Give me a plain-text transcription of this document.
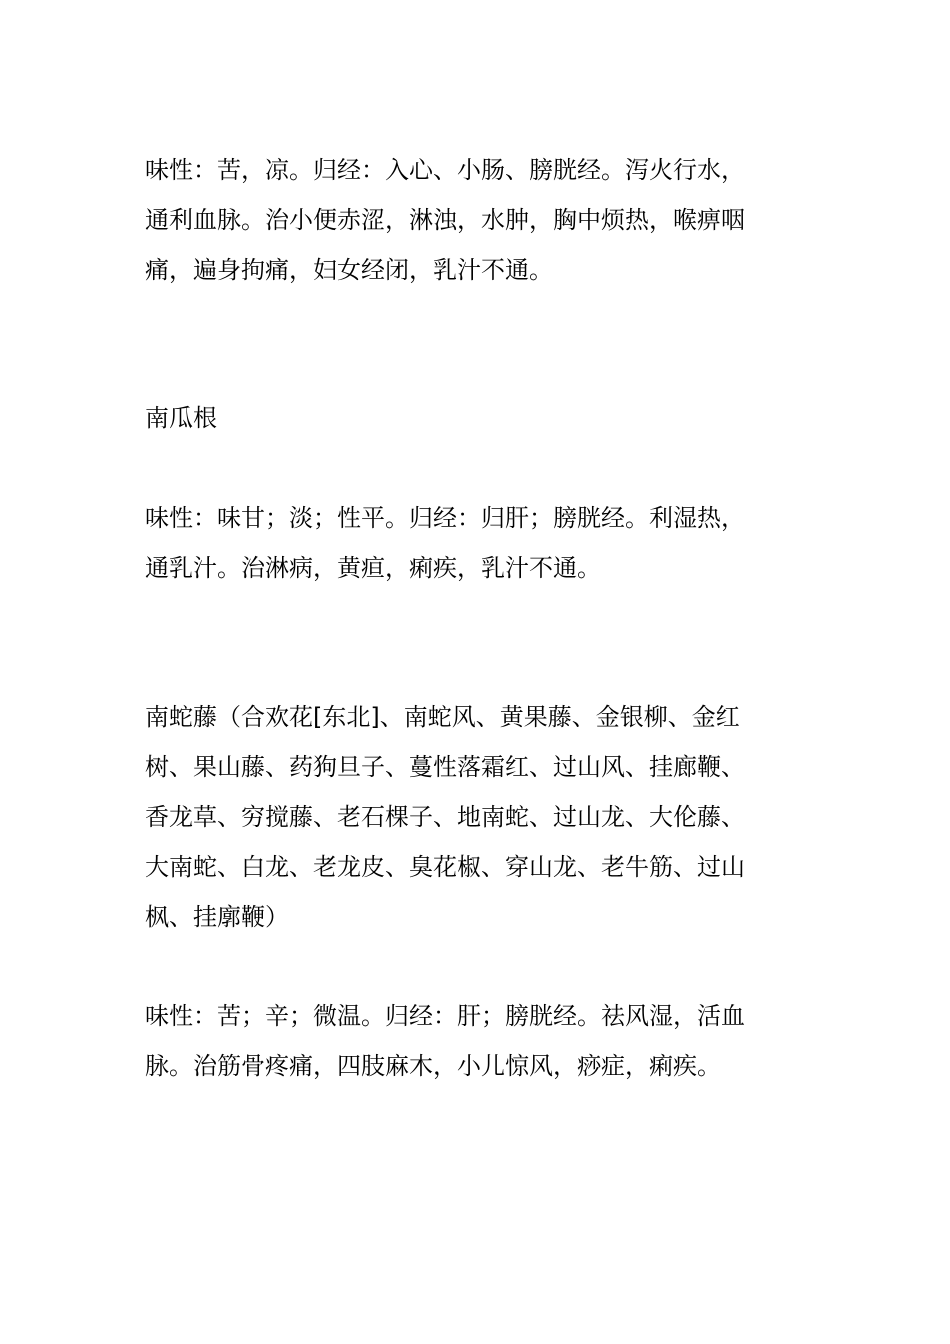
味性：苦，凉。归经：入心、小肠、膀胱经。泻火行水，
通利血脉。治小便赤涩，淋浊，水肿，胸中烦热，喉痹咽
痛，遍身拘痛，妇女经闭，乳汁不通。

南瓜根

味性：味甘；淡；性平。归经：归肝；膀胱经。利湿热，
通乳汁。治淋病，黄疸，痢疾，乳汁不通。

南蛇藤（合欢花[东北]、南蛇风、黄果藤、金银柳、金红
树、果山藤、药狗旦子、蔓性落霜红、过山风、挂廊鞭、
香龙草、穷搅藤、老石棵子、地南蛇、过山龙、大伦藤、
大南蛇、白龙、老龙皮、臭花椒、穿山龙、老牛筋、过山
枫、挂廓鞭）

味性：苦；辛；微温。归经：肝；膀胱经。祛风湿，活血
脉。治筋骨疼痛，四肢麻木，小儿惊风，痧症，痢疾。
